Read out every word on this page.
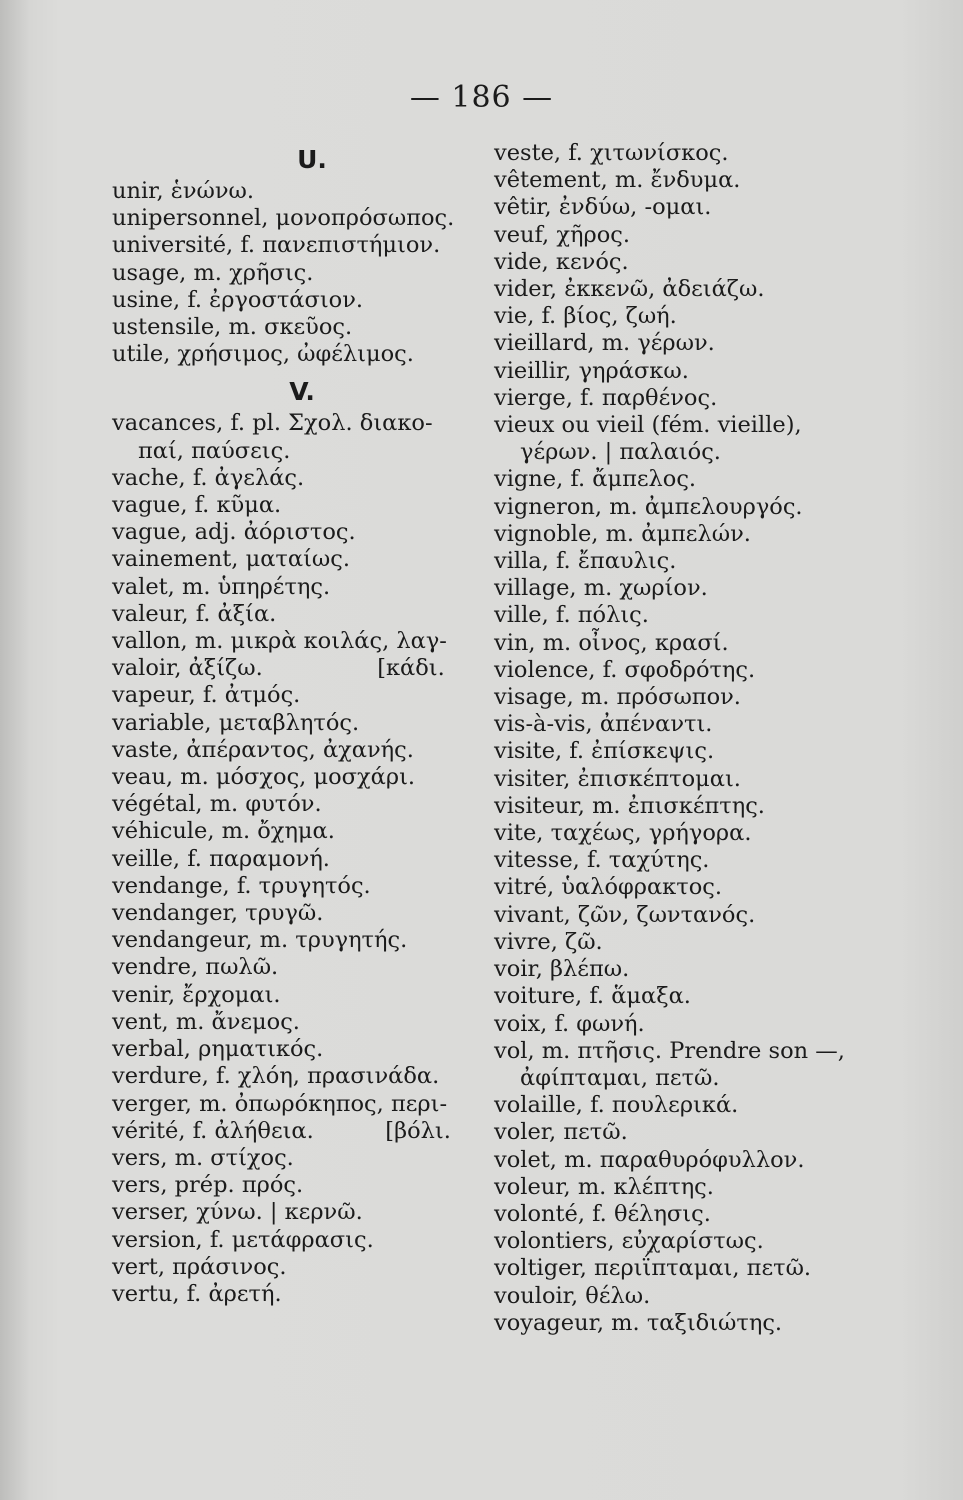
— 186 —
U.
unir, ἑνώνω.
unipersonnel, μονοπρόσωπος.
université, f. πανεπιστήμιον.
usage, m. χρῆσις.
usine, f. ἐργοστάσιον.
ustensile, m. σκεῦος.
utile, χρήσιμος, ὠφέλιμος.
V.
vacances, f. pl. Σχολ. διακο-
παί, παύσεις.
vache, f. ἀγελάς.
vague, f. κῦμα.
vague, adj. ἀόριστος.
vainement, ματαίως.
valet, m. ὑπηρέτης.
valeur, f. ἀξία.
vallon, m. μικρὰ κοιλάς, λαγ-
valoir, ἀξίζω.                [κάδι.
vapeur, f. ἀτμός.
variable, μεταβλητός.
vaste, ἀπέραντος, ἀχανής.
veau, m. μόσχος, μοσχάρι.
végétal, m. φυτόν.
véhicule, m. ὄχημα.
veille, f. παραμονή.
vendange, f. τρυγητός.
vendanger, τρυγῶ.
vendangeur, m. τρυγητής.
vendre, πωλῶ.
venir, ἔρχομαι.
vent, m. ἄνεμος.
verbal, ρηματικός.
verdure, f. χλόη, πρασινάδα.
verger, m. ὀπωρόκηπος, περι-
vérité, f. ἀλήθεια.          [βόλι.
vers, m. στίχος.
vers, prép. πρός.
verser, χύνω. | κερνῶ.
version, f. μετάφρασις.
vert, πράσινος.
vertu, f. ἀρετή.
veste, f. χιτωνίσκος.
vêtement, m. ἔνδυμα.
vêtir, ἐνδύω, -ομαι.
veuf, χῆρος.
vide, κενός.
vider, ἐκκενῶ, ἀδειάζω.
vie, f. βίος, ζωή.
vieillard, m. γέρων.
vieillir, γηράσκω.
vierge, f. παρθένος.
vieux ou vieil (fém. vieille),
γέρων. | παλαιός.
vigne, f. ἄμπελος.
vigneron, m. ἀμπελουργός.
vignoble, m. ἀμπελών.
villa, f. ἔπαυλις.
village, m. χωρίον.
ville, f. πόλις.
vin, m. οἶνος, κρασί.
violence, f. σφοδρότης.
visage, m. πρόσωπον.
vis-à-vis, ἀπέναντι.
visite, f. ἐπίσκεψις.
visiter, ἐπισκέπτομαι.
visiteur, m. ἐπισκέπτης.
vite, ταχέως, γρήγορα.
vitesse, f. ταχύτης.
vitré, ὑαλόφρακτος.
vivant, ζῶν, ζωντανός.
vivre, ζῶ.
voir, βλέπω.
voiture, f. ἅμαξα.
voix, f. φωνή.
vol, m. πτῆσις. Prendre son —,
ἀφίπταμαι, πετῶ.
volaille, f. πουλερικά.
voler, πετῶ.
volet, m. παραθυρόφυλλον.
voleur, m. κλέπτης.
volonté, f. θέλησις.
volontiers, εὐχαρίστως.
voltiger, περιΐπταμαι, πετῶ.
vouloir, θέλω.
voyageur, m. ταξιδιώτης.
